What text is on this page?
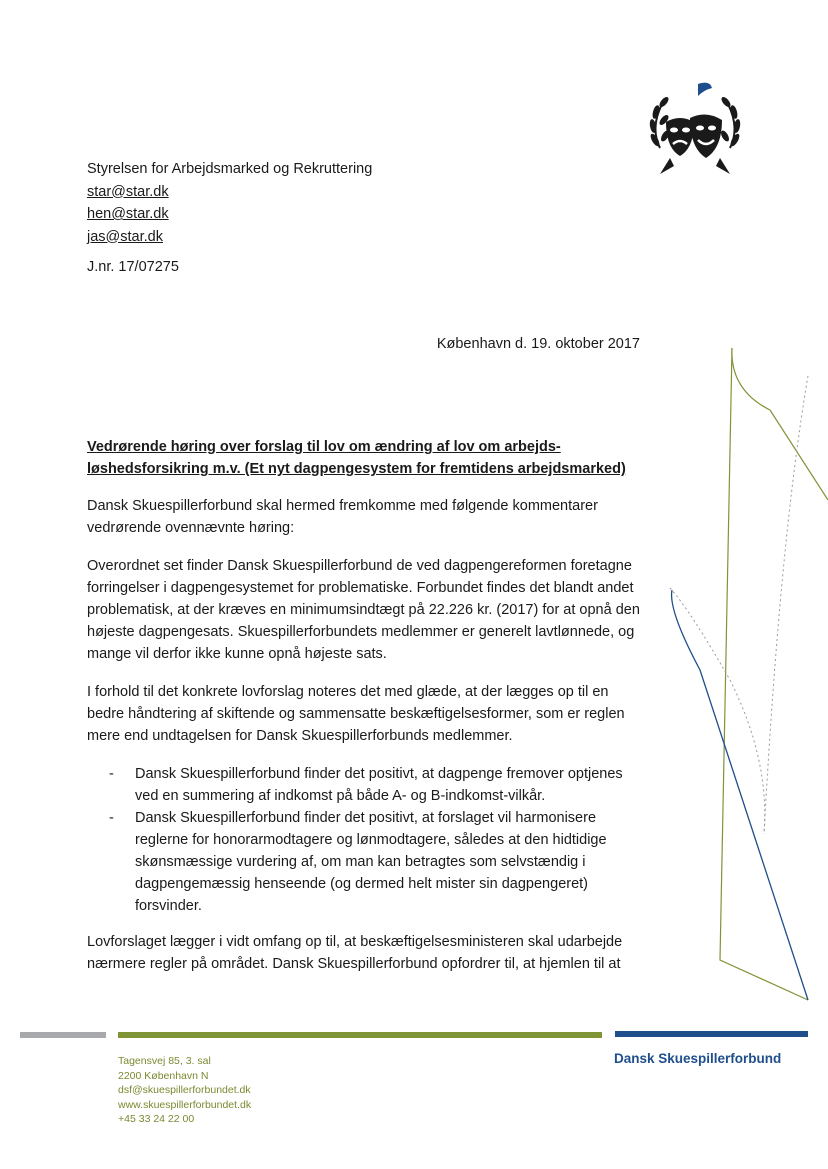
Styrelsen for Arbejdsmarked og Rekruttering
star@star.dk
hen@star.dk
jas@star.dk
J.nr. 17/07275
København d. 19. oktober 2017
Vedrørende høring over forslag til lov om ændring af lov om arbejds-
løshedsforsikring m.v. (Et nyt dagpengesystem for fremtidens arbejdsmarked)

Dansk Skuespillerforbund skal hermed fremkomme med følgende kommentarer vedrørende ovennævnte høring:

Overordnet set finder Dansk Skuespillerforbund de ved dagpengereformen foretagne forringelser i dagpengesystemet for problematiske. Forbundet findes det blandt andet problematisk, at der kræves en minimumsindtægt på 22.226 kr. (2017) for at opnå den højeste dagpengesats. Skuespillerforbundets medlemmer er generelt lavtlønnede, og mange vil derfor ikke kunne opnå højeste sats.

I forhold til det konkrete lovforslag noteres det med glæde, at der lægges op til en bedre håndtering af skiftende og sammensatte beskæftigelsesformer, som er reglen mere end undtagelsen for Dansk Skuespillerforbunds medlemmer.

- Dansk Skuespillerforbund finder det positivt, at dagpenge fremover optjenes ved en summering af indkomst på både A- og B-indkomst-vilkår.
- Dansk Skuespillerforbund finder det positivt, at forslaget vil harmonisere reglerne for honorarmodtagere og lønmodtagere, således at den hidtidige skønsmæssige vurdering af, om man kan betragtes som selvstændig i dagpengemæssig henseende (og dermed helt mister sin dagpengeret) forsvinder.

Lovforslaget lægger i vidt omfang op til, at beskæftigelsesministeren skal udarbejde nærmere regler på området. Dansk Skuespillerforbund opfordrer til, at hjemlen til at

Tagensvej 85, 3. sal
2200 København N
dsf@skuespillerforbundet.dk
www.skuespillerforbundet.dk
+45 33 24 22 00
Dansk Skuespillerforbund
